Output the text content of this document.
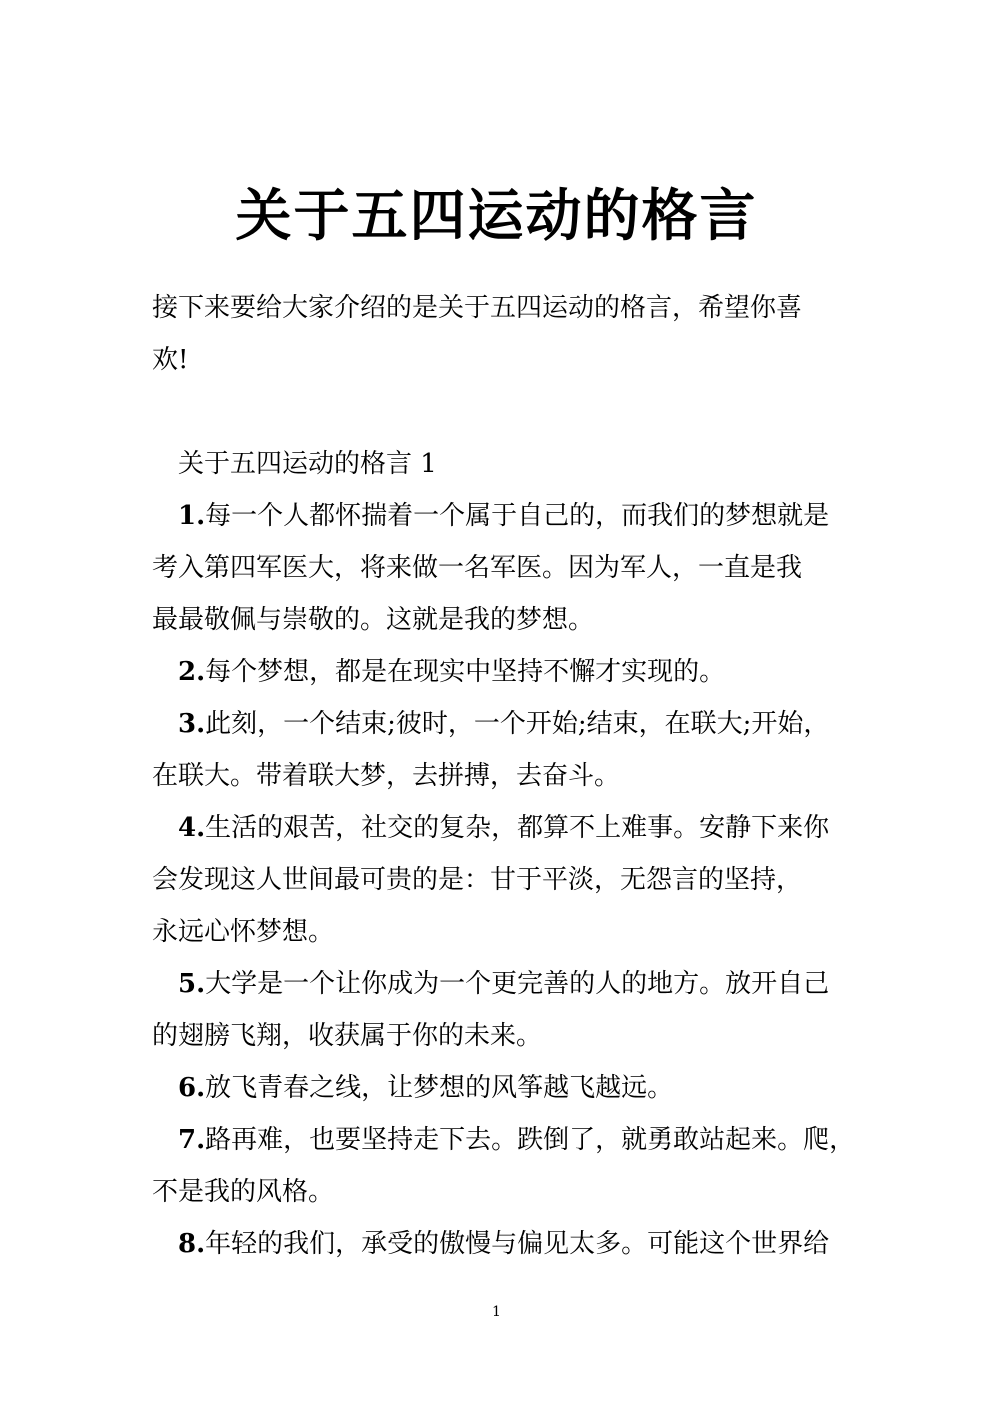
关于五四运动的格言

接下来要给大家介绍的是关于五四运动的格言，希望你喜

欢!

关于五四运动的格言 1

1.每一个人都怀揣着一个属于自己的，而我们的梦想就是

考入第四军医大，将来做一名军医。因为军人，一直是我

最最敬佩与崇敬的。这就是我的梦想。

2.每个梦想，都是在现实中坚持不懈才实现的。

3.此刻，一个结束;彼时，一个开始;结束，在联大;开始，

在联大。带着联大梦，去拼搏，去奋斗。

4.生活的艰苦，社交的复杂，都算不上难事。安静下来你

会发现这人世间最可贵的是：甘于平淡，无怨言的坚持，

永远心怀梦想。

5.大学是一个让你成为一个更完善的人的地方。放开自己

的翅膀飞翔，收获属于你的未来。

6.放飞青春之线，让梦想的风筝越飞越远。

7.路再难，也要坚持走下去。跌倒了，就勇敢站起来。爬，

不是我的风格。

8.年轻的我们，承受的傲慢与偏见太多。可能这个世界给

1
